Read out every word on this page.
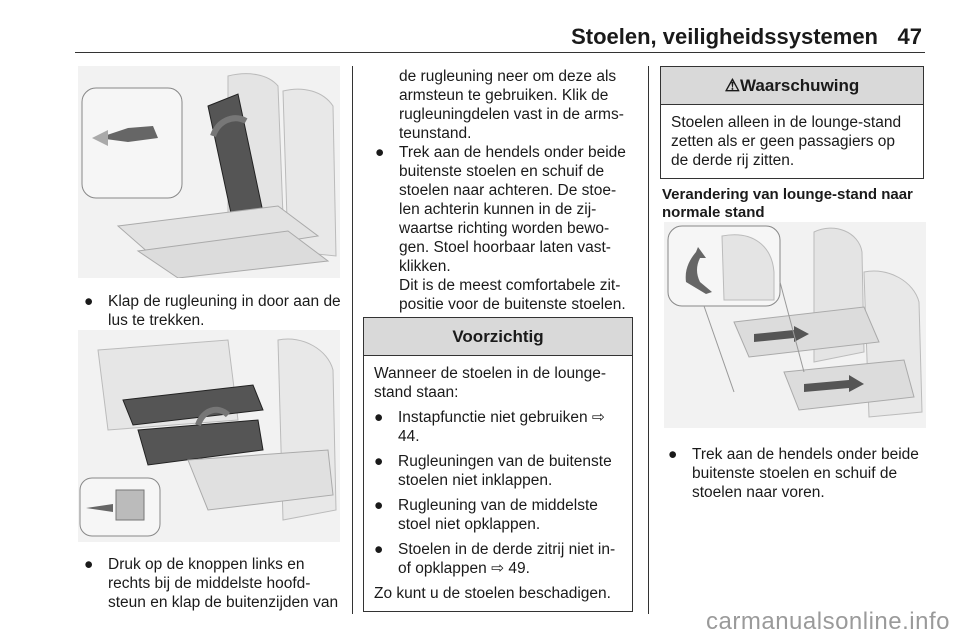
Stoelen, veiligheidssystemen 47
● Klap de rugleuning in door aan de lus te trekken.
● Druk op de knoppen links en rechts bij de middelste hoofd- steun en klap de buitenzijden van
de rugleuning neer om deze als armsteun te gebruiken. Klik de rugleuningdelen vast in de arms- teunstand.
● Trek aan de hendels onder beide buitenste stoelen en schuif de stoelen naar achteren. De stoe- len achterin kunnen in de zij- waartse richting worden bewo- gen. Stoel hoorbaar laten vast- klikken.
Dit is de meest comfortabele zit- positie voor de buitenste stoelen.
Voorzichtig
Wanneer de stoelen in de lounge- stand staan:
● Instapfunctie niet gebruiken ⇨ 44.
● Rugleuningen van de buitenste stoelen niet inklappen.
● Rugleuning van de middelste stoel niet opklappen.
● Stoelen in de derde zitrij niet in- of opklappen ⇨ 49.
Zo kunt u de stoelen beschadigen.
⚠Waarschuwing
Stoelen alleen in de lounge-stand zetten als er geen passagiers op de derde rij zitten.
Verandering van lounge-stand naar normale stand
● Trek aan de hendels onder beide buitenste stoelen en schuif de stoelen naar voren.
carmanualsonline.info
